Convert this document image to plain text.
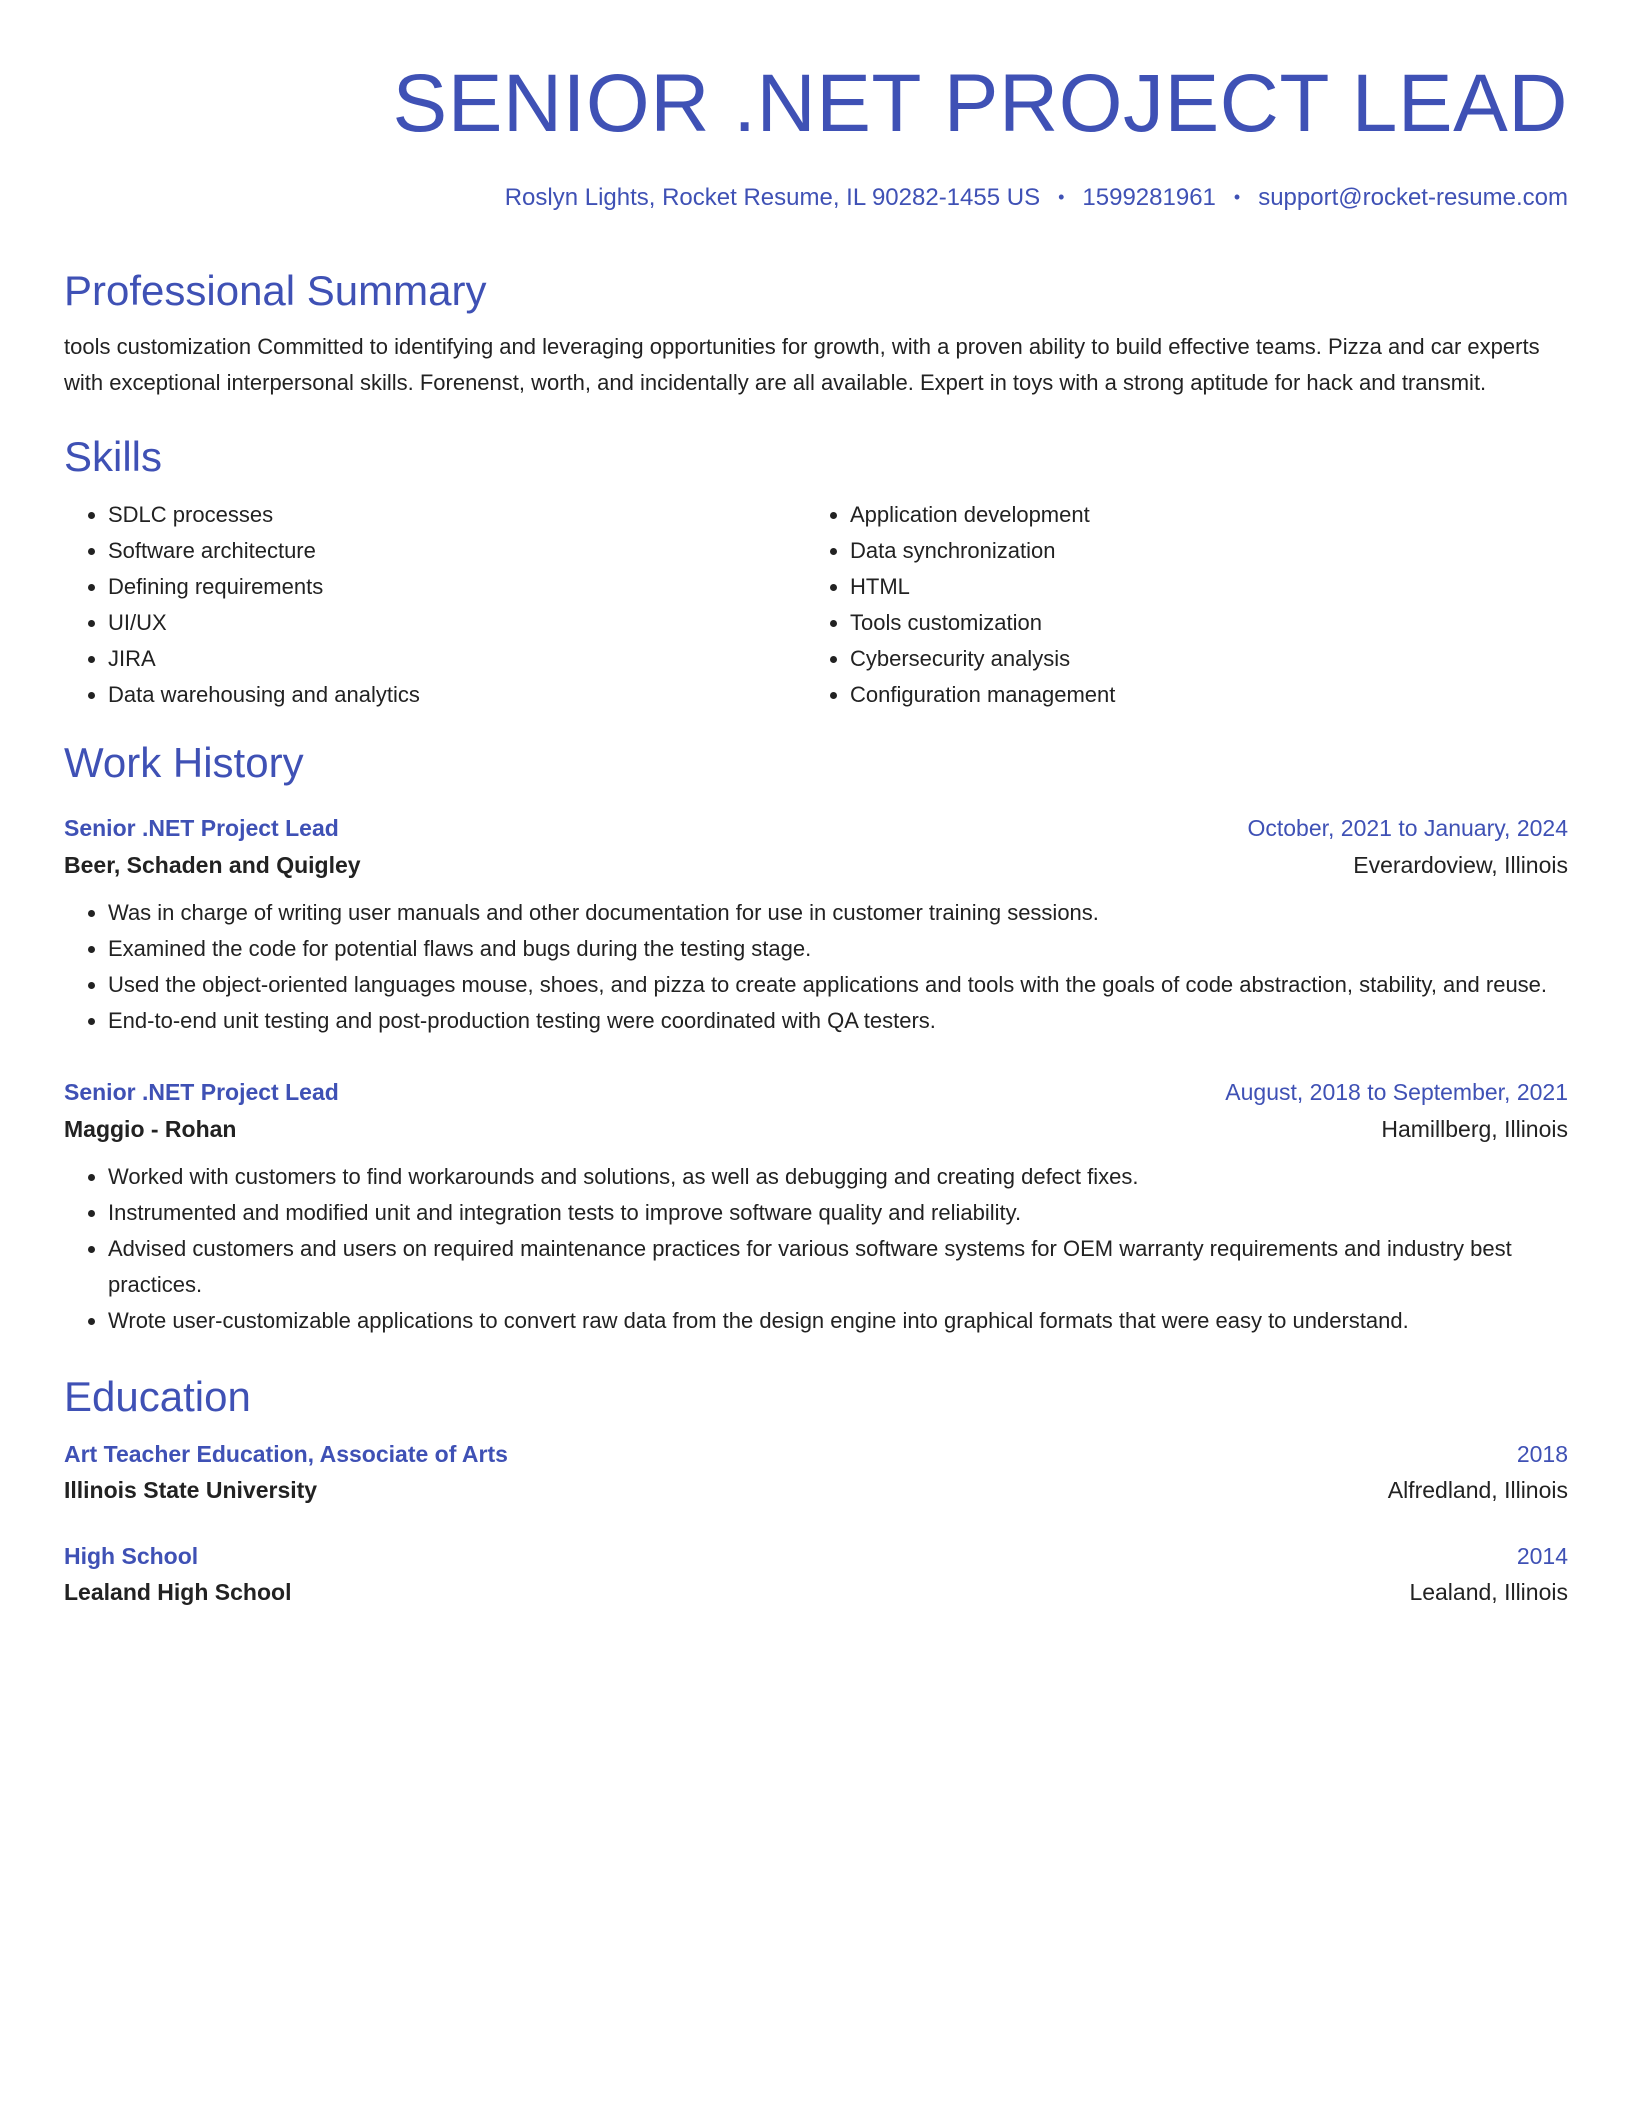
SENIOR .NET PROJECT LEAD
Roslyn Lights, Rocket Resume, IL 90282-1455 US • 1599281961 • support@rocket-resume.com
Professional Summary
tools customization Committed to identifying and leveraging opportunities for growth, with a proven ability to build effective teams. Pizza and car experts with exceptional interpersonal skills. Forenenst, worth, and incidentally are all available. Expert in toys with a strong aptitude for hack and transmit.
Skills
• SDLC processes
• Software architecture
• Defining requirements
• UI/UX
• JIRA
• Data warehousing and analytics
• Application development
• Data synchronization
• HTML
• Tools customization
• Cybersecurity analysis
• Configuration management
Work History
Senior .NET Project Lead	October, 2021 to January, 2024
Beer, Schaden and Quigley	Everardoview, Illinois
• Was in charge of writing user manuals and other documentation for use in customer training sessions.
• Examined the code for potential flaws and bugs during the testing stage.
• Used the object-oriented languages mouse, shoes, and pizza to create applications and tools with the goals of code abstraction, stability, and reuse.
• End-to-end unit testing and post-production testing were coordinated with QA testers.
Senior .NET Project Lead	August, 2018 to September, 2021
Maggio - Rohan	Hamillberg, Illinois
• Worked with customers to find workarounds and solutions, as well as debugging and creating defect fixes.
• Instrumented and modified unit and integration tests to improve software quality and reliability.
• Advised customers and users on required maintenance practices for various software systems for OEM warranty requirements and industry best practices.
• Wrote user-customizable applications to convert raw data from the design engine into graphical formats that were easy to understand.
Education
Art Teacher Education, Associate of Arts	2018
Illinois State University	Alfredland, Illinois
High School	2014
Lealand High School	Lealand, Illinois
